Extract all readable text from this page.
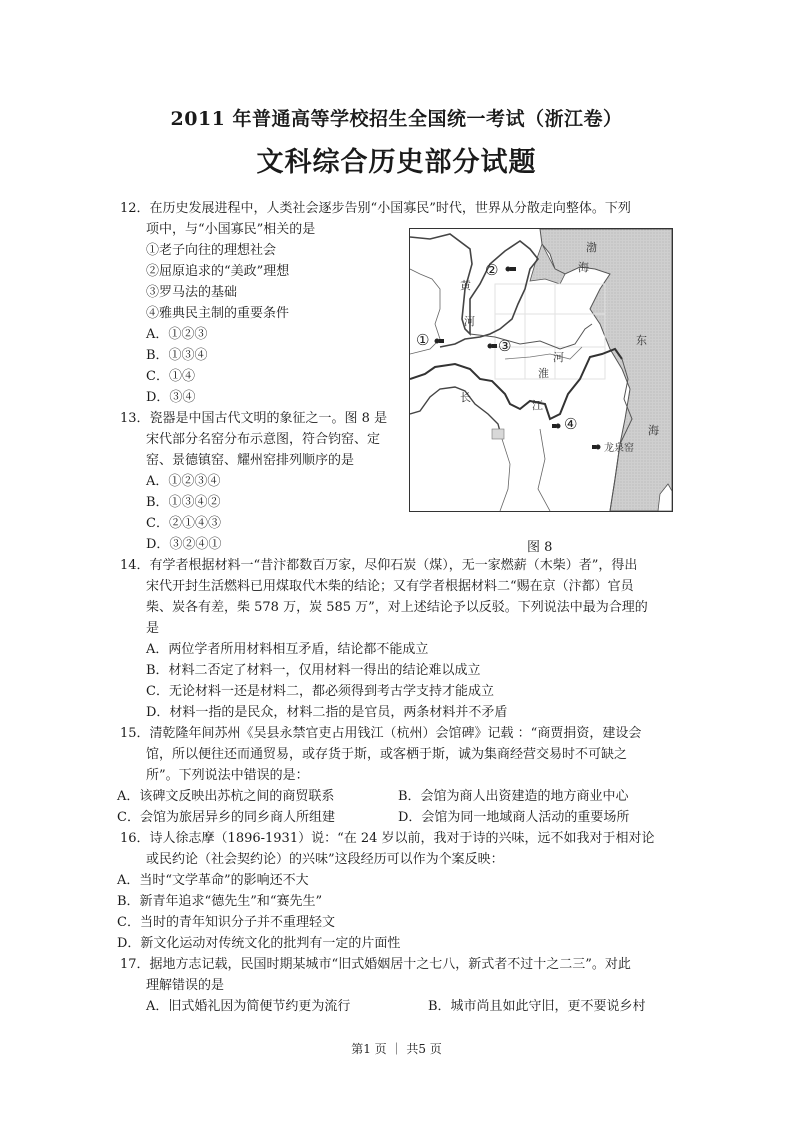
2011 年普通高等学校招生全国统一考试（浙江卷）
文科综合历史部分试题
12．在历史发展进程中，人类社会逐步告别“小国寡民”时代，世界从分散走向整体。下列
项中，与“小国寡民”相关的是
①老子向往的理想社会
②屈原追求的“美政”理想
③罗马法的基础
④雅典民主制的重要条件
A．①②③
B．①③④
C．①④
D．③④
13．瓷器是中国古代文明的象征之一。图 8 是
宋代部分名窑分布示意图，符合钧窑、定
窑、景德镇窑、耀州窑排列顺序的是
A．①②③④
B．①③④②
C．②①④③
D．③②④①
黄
河
渤
海
东
海
淮
河
长
江
龙泉窑
②
①	③
④
图 8
14．有学者根据材料一“昔汴都数百万家，尽仰石炭（煤），无一家燃薪（木柴）者”，得出
宋代开封生活燃料已用煤取代木柴的结论；又有学者根据材料二“赐在京（汴都）官员
柴、炭各有差，柴 578 万，炭 585 万”，对上述结论予以反驳。下列说法中最为合理的
是
A．两位学者所用材料相互矛盾，结论都不能成立
B．材料二否定了材料一，仅用材料一得出的结论难以成立
C．无论材料一还是材料二，都必须得到考古学支持才能成立
D．材料一指的是民众，材料二指的是官员，两条材料并不矛盾
15．清乾隆年间苏州《吴县永禁官吏占用钱江（杭州）会馆碑》记载 ：“商贾捐资，建设会
馆，所以便往还而通贸易，或存货于斯，或客栖于斯，诚为集商经营交易时不可缺之
所”。下列说法中错误的是：
A．该碑文反映出苏杭之间的商贸联系	B．会馆为商人出资建造的地方商业中心
C．会馆为旅居异乡的同乡商人所组建	D．会馆为同一地域商人活动的重要场所
16．诗人徐志摩（1896-1931）说：“在 24 岁以前，我对于诗的兴味，远不如我对于相对论
或民约论（社会契约论）的兴味”这段经历可以作为个案反映：
A．当时“文学革命”的影响还不大
B．新青年追求“德先生”和“赛先生”
C．当时的青年知识分子并不重理轻文
D．新文化运动对传统文化的批判有一定的片面性
17．据地方志记载，民国时期某城市“旧式婚姻居十之七八，新式者不过十之二三”。对此
理解错误的是
A．旧式婚礼因为简便节约更为流行	B．城市尚且如此守旧，更不要说乡村
第1 页 ｜ 共5 页
